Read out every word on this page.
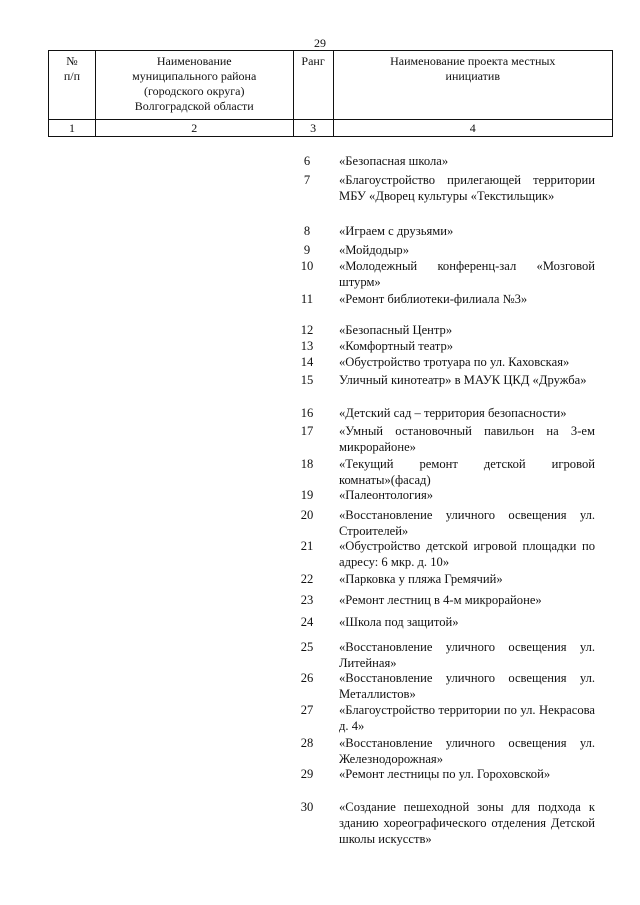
29
№
п/п	Наименование
муниципального района
(городского округа)
Волгоградской области	Ранг	Наименование проекта местных
инициатив
1	2	3	4
6	«Безопасная школа»
7	«Благоустройство прилегающей территории МБУ «Дворец культуры «Текстильщик»
8	«Играем с друзьями»
9	«Мойдодыр»
10	«Молодежный конференц-зал «Мозговой штурм»
11	«Ремонт библиотеки-филиала №3»
12	«Безопасный Центр»
13	«Комфортный театр»
14	«Обустройство тротуара по ул. Каховская»
15	Уличный кинотеатр» в МАУК ЦКД «Дружба»
16	«Детский сад – территория безопасности»
17	«Умный остановочный павильон на 3-ем микрорайоне»
18	«Текущий ремонт детской игровой комнаты»(фасад)
19	«Палеонтология»
20	«Восстановление уличного освещения ул. Строителей»
21	«Обустройство детской игровой площадки по адресу: 6 мкр. д. 10»
22	«Парковка у пляжа Гремячий»
23	«Ремонт лестниц в 4-м микрорайоне»
24	«Школа под защитой»
25	«Восстановление уличного освещения ул. Литейная»
26	«Восстановление уличного освещения ул. Металлистов»
27	«Благоустройство территории по ул. Некрасова д. 4»
28	«Восстановление уличного освещения ул. Железнодорожная»
29	«Ремонт лестницы по ул. Гороховской»
30	«Создание пешеходной зоны для подхода к зданию хореографического отделения Детской школы искусств»
